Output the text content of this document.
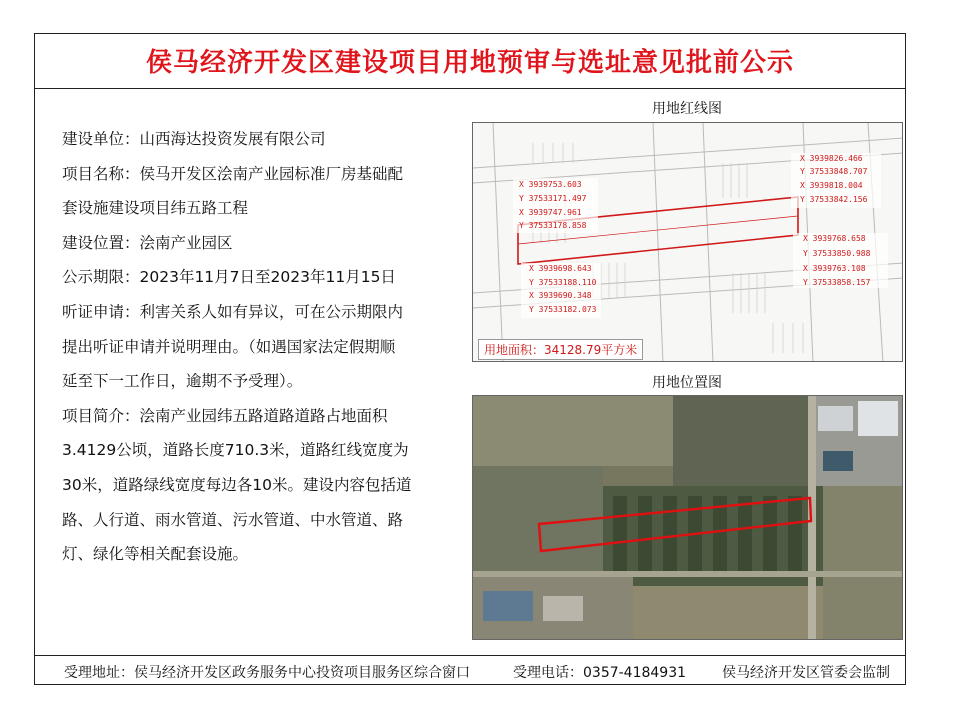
侯马经济开发区建设项目用地预审与选址意见批前公示

建设单位：山西海达投资发展有限公司

项目名称：侯马开发区浍南产业园标准厂房基础配

套设施建设项目纬五路工程

建设位置：浍南产业园区

公示期限：2023年11月7日至2023年11月15日

听证申请：利害关系人如有异议，可在公示期限内

提出听证申请并说明理由。（如遇国家法定假期顺

延至下一工作日，逾期不予受理）。

项目简介：浍南产业园纬五路道路道路占地面积

3.4129公顷，道路长度710.3米，道路红线宽度为

30米，道路绿线宽度每边各10米。建设内容包括道

路、人行道、雨水管道、污水管道、中水管道、路

灯、绿化等相关配套设施。

用地红线图
X 3939826.466
Y 37533848.707
X 3939818.004
Y 37533842.156
X 3939753.603
Y 37533171.497
X 3939747.961
Y 37533178.858
X 3939768.658
Y 37533850.988
X 3939763.108
Y 37533858.157
X 3939698.643
Y 37533188.110
X 3939690.348
Y 37533182.073
用地面积：34128.79平方米
用地位置图
受理地址：侯马经济开发区政务服务中心投资项目服务区综合窗口	受理电话：0357-4184931	侯马经济开发区管委会监制
